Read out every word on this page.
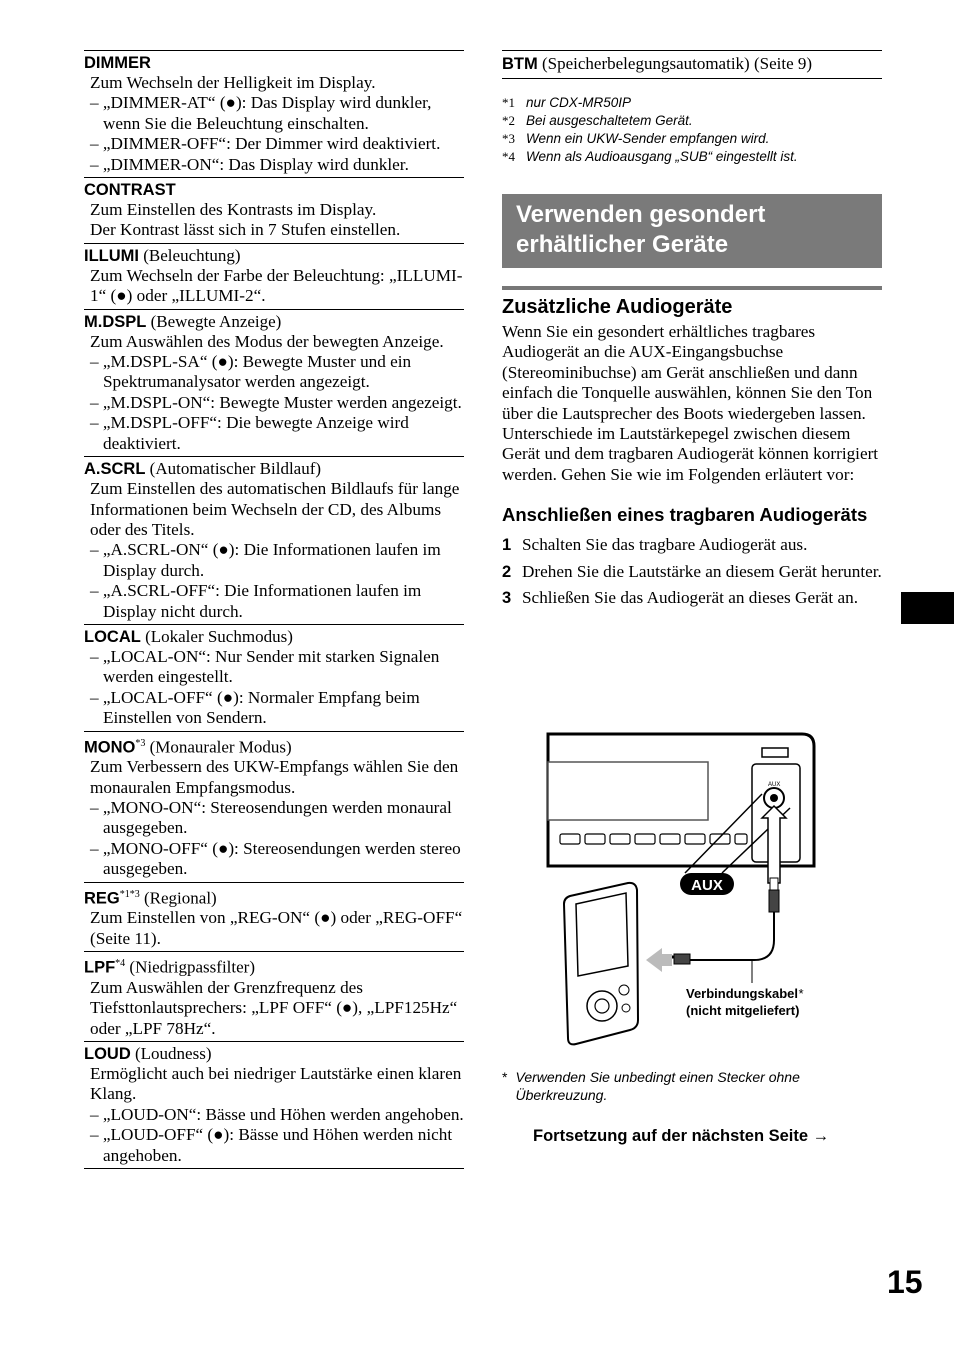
DIMMER
Zum Wechseln der Helligkeit im Display.
– „DIMMER-AT“ (●): Das Display wird dunkler, wenn Sie die Beleuchtung einschalten.
– „DIMMER-OFF“: Der Dimmer wird deaktiviert.
– „DIMMER-ON“: Das Display wird dunkler.
CONTRAST
Zum Einstellen des Kontrasts im Display.
Der Kontrast lässt sich in 7 Stufen einstellen.
ILLUMI (Beleuchtung)
Zum Wechseln der Farbe der Beleuchtung: „ILLUMI-1“ (●) oder „ILLUMI-2“.
M.DSPL (Bewegte Anzeige)
Zum Auswählen des Modus der bewegten Anzeige.
– „M.DSPL-SA“ (●): Bewegte Muster und ein Spektrumanalysator werden angezeigt.
– „M.DSPL-ON“: Bewegte Muster werden angezeigt.
– „M.DSPL-OFF“: Die bewegte Anzeige wird deaktiviert.
A.SCRL (Automatischer Bildlauf)
Zum Einstellen des automatischen Bildlaufs für lange Informationen beim Wechseln der CD, des Albums oder des Titels.
– „A.SCRL-ON“ (●): Die Informationen laufen im Display durch.
– „A.SCRL-OFF“: Die Informationen laufen im Display nicht durch.
LOCAL (Lokaler Suchmodus)
– „LOCAL-ON“: Nur Sender mit starken Signalen werden eingestellt.
– „LOCAL-OFF“ (●): Normaler Empfang beim Einstellen von Sendern.
MONO$^{*3}$ (Monauraler Modus)
Zum Verbessern des UKW-Empfangs wählen Sie den monauralen Empfangsmodus.
– „MONO-ON“: Stereosendungen werden monaural ausgegeben.
– „MONO-OFF“ (●): Stereosendungen werden stereo ausgegeben.
$REG^{*1*3}$ (Regional)
Zum Einstellen von „REG-ON“ (●) oder „REG-OFF“ (Seite 11).
LPF$^{*4}$ (Niedrigpassfilter)
Zum Auswählen der Grenzfrequenz des Tiefsttonlautsprechers: „LPF OFF“ (●), „LPF125Hz“ oder „LPF 78Hz“.
LOUD (Loudness)
Ermöglicht auch bei niedriger Lautstärke einen klaren Klang.
– „LOUD-ON“: Bässe und Höhen werden angehoben.
– „LOUD-OFF“ (●): Bässe und Höhen werden nicht angehoben.
BTM (Speicherbelegungsautomatik) (Seite 9)
*1 nur CDX-MR50IP
*2 Bei ausgeschaltetem Gerät.
*3 Wenn ein UKW-Sender empfangen wird.
*4 Wenn als Audioausgang „SUB“ eingestellt ist.
Verwenden gesondert
erhältlicher Geräte
Zusätzliche Audiogeräte
Wenn Sie ein gesondert erhältliches tragbares Audiogerät an die AUX-Eingangsbuchse (Stereominibuchse) am Gerät anschließen und dann einfach die Tonquelle auswählen, können Sie den Ton über die Lautsprecher des Boots wiedergeben lassen. Unterschiede im Lautstärkepegel zwischen diesem Gerät und dem tragbaren Audiogerät können korrigiert werden. Gehen Sie wie im Folgenden erläutert vor:
Anschließen eines tragbaren Audiogeräts
1 Schalten Sie das tragbare Audiogerät aus.
2 Drehen Sie die Lautstärke an diesem Gerät herunter.
3 Schließen Sie das Audiogerät an dieses Gerät an.
AUX
AUX
Verbindungskabel*
(nicht mitgeliefert)
* Verwenden Sie unbedingt einen Stecker ohne Überkreuzung.
Fortsetzung auf der nächsten Seite →
15
